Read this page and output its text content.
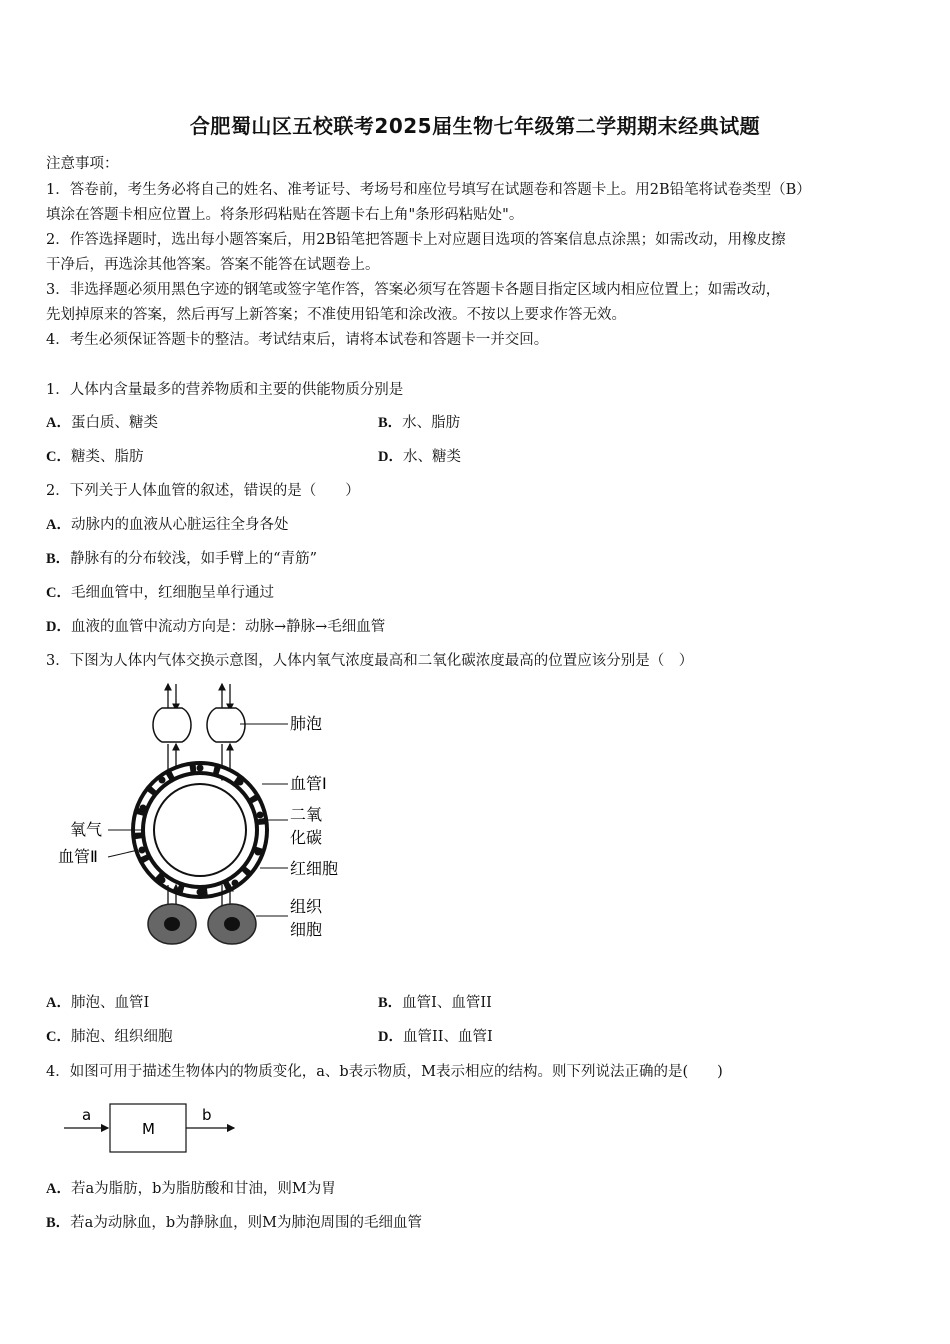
合肥蜀山区五校联考2025届生物七年级第二学期期末经典试题
注意事项：
1．答卷前，考生务必将自己的姓名、准考证号、考场号和座位号填写在试题卷和答题卡上。用2B铅笔将试卷类型（B）
填涂在答题卡相应位置上。将条形码粘贴在答题卡右上角"条形码粘贴处"。
2．作答选择题时，选出每小题答案后，用2B铅笔把答题卡上对应题目选项的答案信息点涂黑；如需改动，用橡皮擦
干净后，再选涂其他答案。答案不能答在试题卷上。
3．非选择题必须用黑色字迹的钢笔或签字笔作答，答案必须写在答题卡各题目指定区域内相应位置上；如需改动，
先划掉原来的答案，然后再写上新答案；不准使用铅笔和涂改液。不按以上要求作答无效。
4．考生必须保证答题卡的整洁。考试结束后，请将本试卷和答题卡一并交回。
1．人体内含量最多的营养物质和主要的供能物质分别是
A．蛋白质、糖类	B．水、脂肪
C．糖类、脂肪	D．水、糖类
2．下列关于人体血管的叙述，错误的是（　　）
A．动脉内的血液从心脏运往全身各处
B．静脉有的分布较浅，如手臂上的“青筋”
C．毛细血管中，红细胞呈单行通过
D．血液的血管中流动方向是：动脉→静脉→毛细血管
3．下图为人体内气体交换示意图，人体内氧气浓度最高和二氧化碳浓度最高的位置应该分别是（　）
肺泡
血管Ⅰ
二氧
化碳
红细胞
组织
细胞
氧气
血管Ⅱ
A．肺泡、血管I	B．血管I、血管II
C．肺泡、组织细胞	D．血管II、血管I
4．如图可用于描述生物体内的物质变化，a、b表示物质，M表示相应的结构。则下列说法正确的是(　　)
a
M
b
A．若a为脂肪，b为脂肪酸和甘油，则M为胃
B．若a为动脉血，b为静脉血，则M为肺泡周围的毛细血管
